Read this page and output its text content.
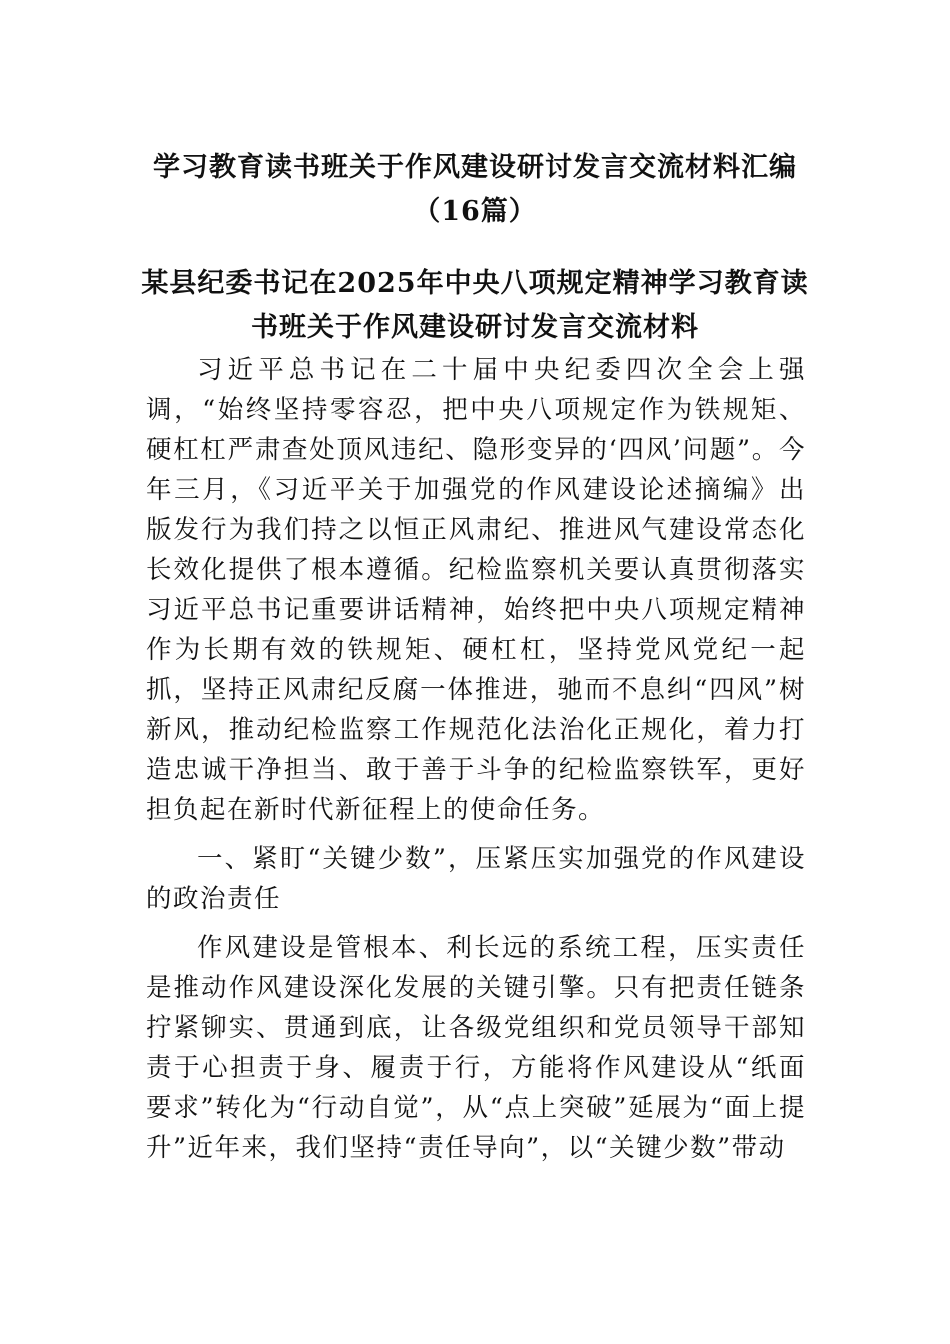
学习教育读书班关于作风建设研讨发言交流材料汇编（16篇）
某县纪委书记在2025年中央八项规定精神学习教育读书班关于作风建设研讨发言交流材料

习近平总书记在二十届中央纪委四次全会上强调，“始终坚持零容忍，把中央八项规定作为铁规矩、硬杠杠严肃查处顶风违纪、隐形变异的‘四风’问题”。今年三月，《习近平关于加强党的作风建设论述摘编》出版发行为我们持之以恒正风肃纪、推进风气建设常态化长效化提供了根本遵循。纪检监察机关要认真贯彻落实习近平总书记重要讲话精神，始终把中央八项规定精神作为长期有效的铁规矩、硬杠杠，坚持党风党纪一起抓，坚持正风肃纪反腐一体推进，驰而不息纠“四风”树新风，推动纪检监察工作规范化法治化正规化，着力打造忠诚干净担当、敢于善于斗争的纪检监察铁军，更好担负起在新时代新征程上的使命任务。

一、紧盯“关键少数”，压紧压实加强党的作风建设的政治责任

作风建设是管根本、利长远的系统工程，压实责任是推动作风建设深化发展的关键引擎。只有把责任链条拧紧铆实、贯通到底，让各级党组织和党员领导干部知责于心担责于身、履责于行，方能将作风建设从“纸面要求”转化为“行动自觉”，从“点上突破”延展为“面上提升”近年来，我们坚持“责任导向”，以“关键少数”带动
